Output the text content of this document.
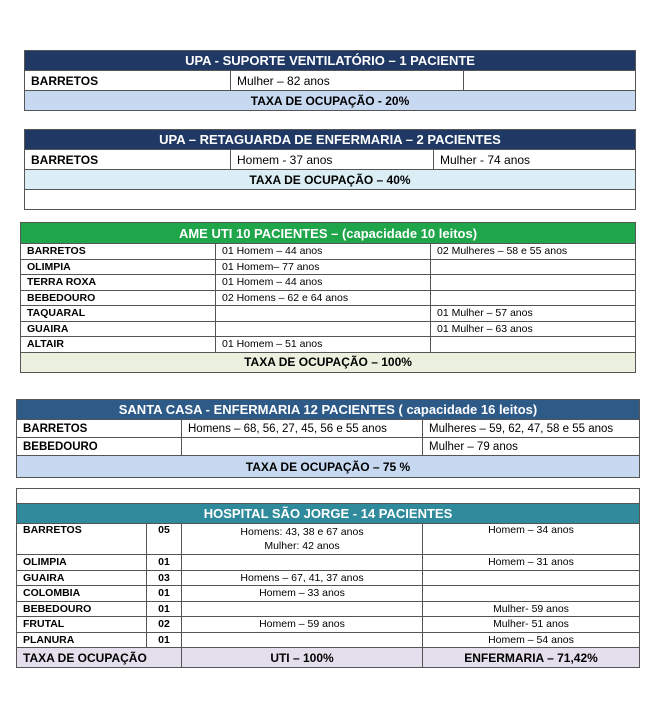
UPA - SUPORTE VENTILATÓRIO – 1 PACIENTE
BARRETOS	Mulher – 82 anos	
TAXA DE OCUPAÇÃO - 20%
UPA – RETAGUARDA DE ENFERMARIA – 2 PACIENTES
BARRETOS	Homem - 37 anos	Mulher - 74 anos
TAXA DE OCUPAÇÃO – 40%

AME UTI 10 PACIENTES – (capacidade 10 leitos)		
BARRETOS	01 Homem – 44 anos	02 Mulheres – 58 e 55 anos
OLIMPIA	01 Homem– 77 anos	
TERRA ROXA	01 Homem – 44 anos	
BEBEDOURO	02 Homens – 62 e 64 anos	
TAQUARAL		01 Mulher – 57 anos
GUAIRA		01 Mulher – 63 anos
ALTAIR	01 Homem – 51 anos	
TAXA DE OCUPAÇÃO – 100%		
SANTA CASA - ENFERMARIA 12 PACIENTES ( capacidade 16 leitos)		
BARRETOS	Homens – 68, 56, 27, 45, 56 e 55 anos	Mulheres – 59, 62, 47, 58 e 55 anos
BEBEDOURO		Mulher – 79 anos
TAXA DE OCUPAÇÃO – 75 %		

HOSPITAL SÃO JORGE - 14 PACIENTES			
BARRETOS	05	Homens: 43, 38 e 67 anos
Mulher: 42 anos	Homem – 34 anos
OLIMPIA	01		Homem – 31 anos
GUAIRA	03	Homens – 67, 41, 37 anos	
COLOMBIA	01	Homem – 33 anos	
BEBEDOURO	01		Mulher- 59 anos
FRUTAL	02	Homem – 59 anos	Mulher- 51 anos
PLANURA	01		Homem – 54 anos
TAXA DE OCUPAÇÃO		UTI – 100%	ENFERMARIA – 71,42%
